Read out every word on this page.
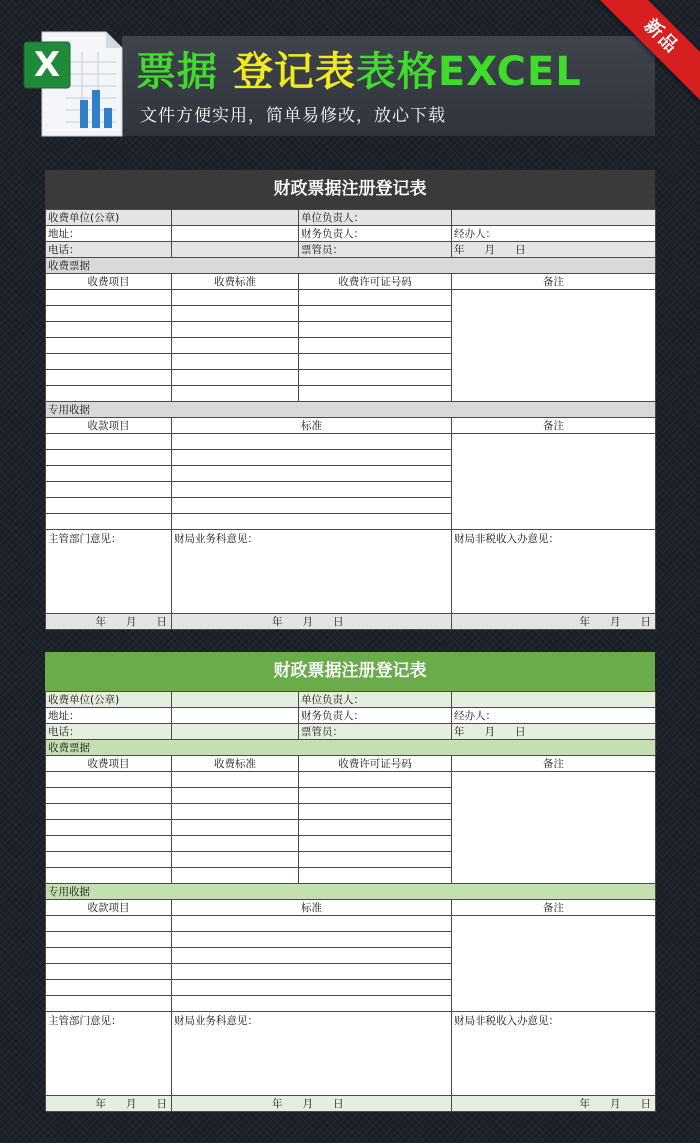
X 票据 登记表表格EXCEL
文件方便实用，简单易修改，放心下载
新品
财政票据注册登记表
收费单位(公章)		单位负责人：	
地址：		财务负责人：	经办人：
电话：		票管员：	年 月 日
收费票据			
收费项目	收费标准	收费许可证号码	备注

专用收据			
收款项目	标准		备注

主管部门意见：	财局业务科意见：		财局非税收入办意见：
年 月 日	年 月 日		年 月 日
财政票据注册登记表
收费单位(公章)		单位负责人：	
地址：		财务负责人：	经办人：
电话：		票管员：	年 月 日
收费票据			
收费项目	收费标准	收费许可证号码	备注

专用收据			
收款项目	标准		备注

主管部门意见：	财局业务科意见：		财局非税收入办意见：
年 月 日	年 月 日		年 月 日
